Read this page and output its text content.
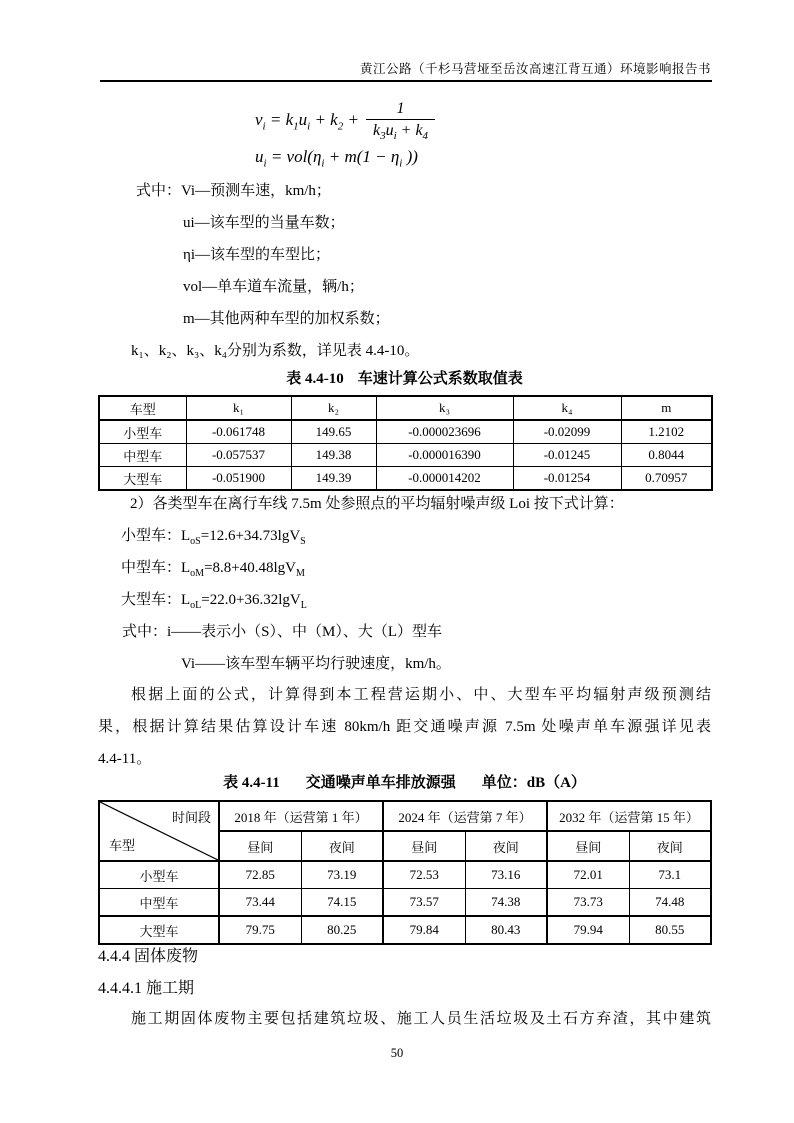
黄江公路（千杉马营垭至岳汝高速江背互通）环境影响报告书
$v_i = k_1u_i + k_2 + \frac{1}{k_3u_i + k_4}$
$u_i = vol(\eta_i + m(1 - \eta_i$ ))
式中：Vi—预测车速，km/h；
ui—该车型的当量车数；
ηi—该车型的车型比；
vol—单车道车流量，辆/h；
m—其他两种车型的加权系数；
k₁、k₂、k₃、k₄分别为系数，详见表 4.4-10。
表 4.4-10 车速计算公式系数取值表
车型	k₁	k₂	k₃	k₄	m
小型车	-0.061748	149.65	-0.000023696	-0.02099	1.2102
中型车	-0.057537	149.38	-0.000016390	-0.01245	0.8044
大型车	-0.051900	149.39	-0.000014202	-0.01254	0.70957
2）各类型车在离行车线 7.5m 处参照点的平均辐射噪声级 Loi 按下式计算：
小型车：$L_{oS}=12.6+34.73\lg V_S$
中型车：$L_{oM}=8.8+40.48\lg V_M$
大型车：$L_{oL}=22.0+36.32\lg V_L$
式中：i——表示小（S）、中（M）、大（L）型车
Vi——该车型车辆平均行驶速度，km/h。
根据上面的公式，计算得到本工程营运期小、中、大型车平均辐射声级预测结
果，根据计算结果估算设计车速 80km/h 距交通噪声源 7.5m 处噪声单车源强详见表
4.4-11。
表 4.4-11 交通噪声单车排放源强 单位：dB（A）
时间段
车型	2018 年（运营第 1 年）		2024 年（运营第 7 年）		2032 年（运营第 15 年）	
	昼间	夜间	昼间	夜间	昼间	夜间
小型车	72.85	73.19	72.53	73.16	72.01	73.1
中型车	73.44	74.15	73.57	74.38	73.73	74.48
大型车	79.75	80.25	79.84	80.43	79.94	80.55
4.4.4 固体废物
4.4.4.1 施工期
施工期固体废物主要包括建筑垃圾、施工人员生活垃圾及土石方弃渣，其中建筑
50
